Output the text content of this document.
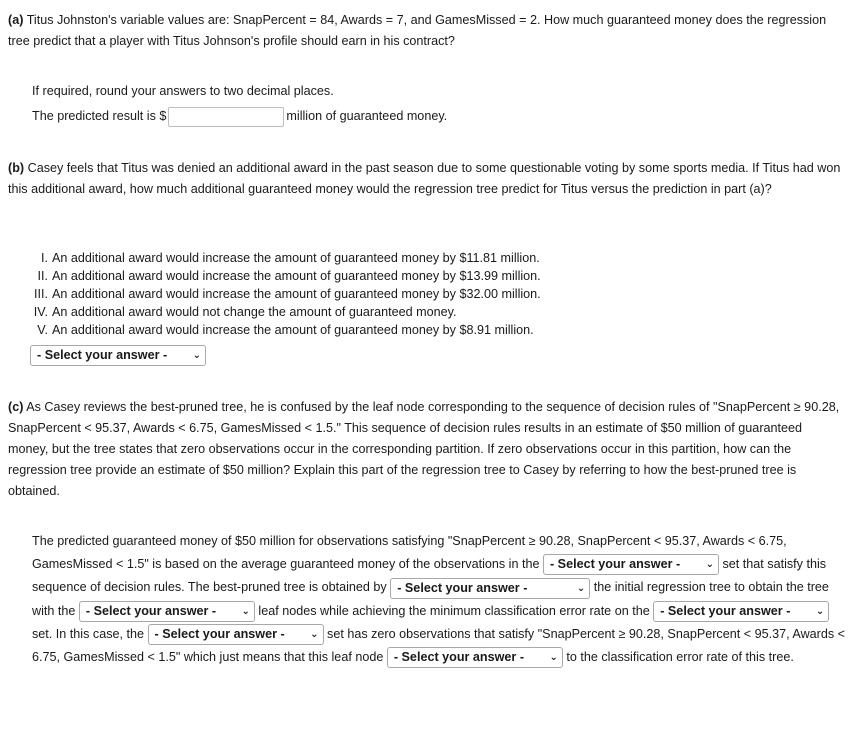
(a) Titus Johnston's variable values are: SnapPercent = 84, Awards = 7, and GamesMissed = 2. How much guaranteed money does the regression tree predict that a player with Titus Johnson's profile should earn in his contract?
If required, round your answers to two decimal places.
The predicted result is $	million of guaranteed money.
(b) Casey feels that Titus was denied an additional award in the past season due to some questionable voting by some sports media. If Titus had won this additional award, how much additional guaranteed money would the regression tree predict for Titus versus the prediction in part (a)?
I. An additional award would increase the amount of guaranteed money by $11.81 million.
II. An additional award would increase the amount of guaranteed money by $13.99 million.
III. An additional award would increase the amount of guaranteed money by $32.00 million.
IV. An additional award would not change the amount of guaranteed money.
V. An additional award would increase the amount of guaranteed money by $8.91 million.
- Select your answer -	⌄
(c) As Casey reviews the best-pruned tree, he is confused by the leaf node corresponding to the sequence of decision rules of "SnapPercent ≥ 90.28, SnapPercent < 95.37, Awards < 6.75, GamesMissed < 1.5." This sequence of decision rules results in an estimate of $50 million of guaranteed money, but the tree states that zero observations occur in the corresponding partition. If zero observations occur in this partition, how can the regression tree provide an estimate of $50 million? Explain this part of the regression tree to Casey by referring to how the best-pruned tree is obtained.
The predicted guaranteed money of $50 million for observations satisfying "SnapPercent ≥ 90.28, SnapPercent < 95.37, Awards < 6.75, GamesMissed < 1.5" is based on the average guaranteed money of the observations in the - Select your answer -	⌄ set that satisfy this sequence of decision rules. The best-pruned tree is obtained by - Select your answer -	⌄ the initial regression tree to obtain the tree with the - Select your answer -	⌄ leaf nodes while achieving the minimum classification error rate on the - Select your answer -	⌄
set. In this case, the - Select your answer -	⌄ set has zero observations that satisfy "SnapPercent ≥ 90.28, SnapPercent < 95.37, Awards < 6.75, GamesMissed < 1.5" which just means that this leaf node - Select your answer -	⌄ to the classification error rate of this tree.
